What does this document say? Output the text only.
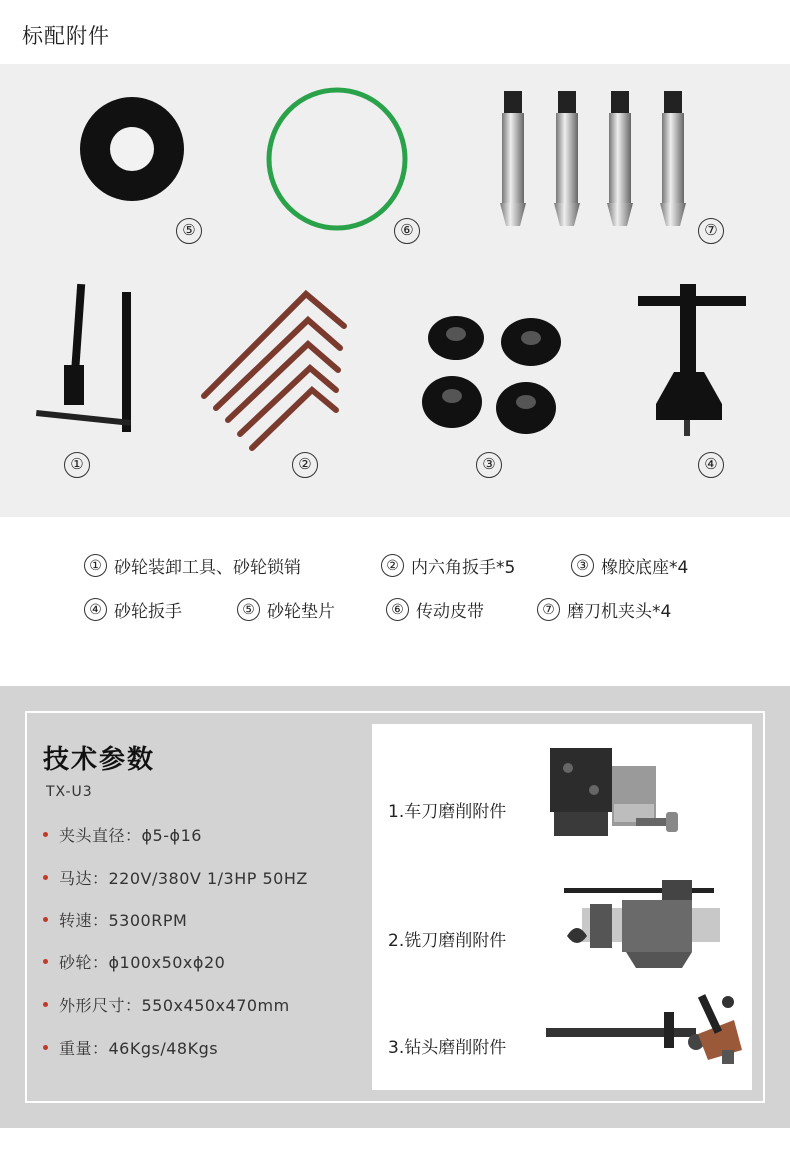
标配附件
⑤	⑥	⑦
①	②	③	④
① 砂轮装卸工具、砂轮锁销	② 内六角扳手*5	③ 橡胶底座*4
④ 砂轮扳手	⑤ 砂轮垫片	⑥ 传动皮带	⑦ 磨刀机夹头*4
技术参数
TX-U3
夹头直径：ϕ5-ϕ16
马达：220V/380V 1/3HP 50HZ
转速：5300RPM
砂轮：ϕ100x50xϕ20
外形尺寸：550x450x470mm
重量：46Kgs/48Kgs
1.车刀磨削附件
2.铣刀磨削附件
3.钻头磨削附件
